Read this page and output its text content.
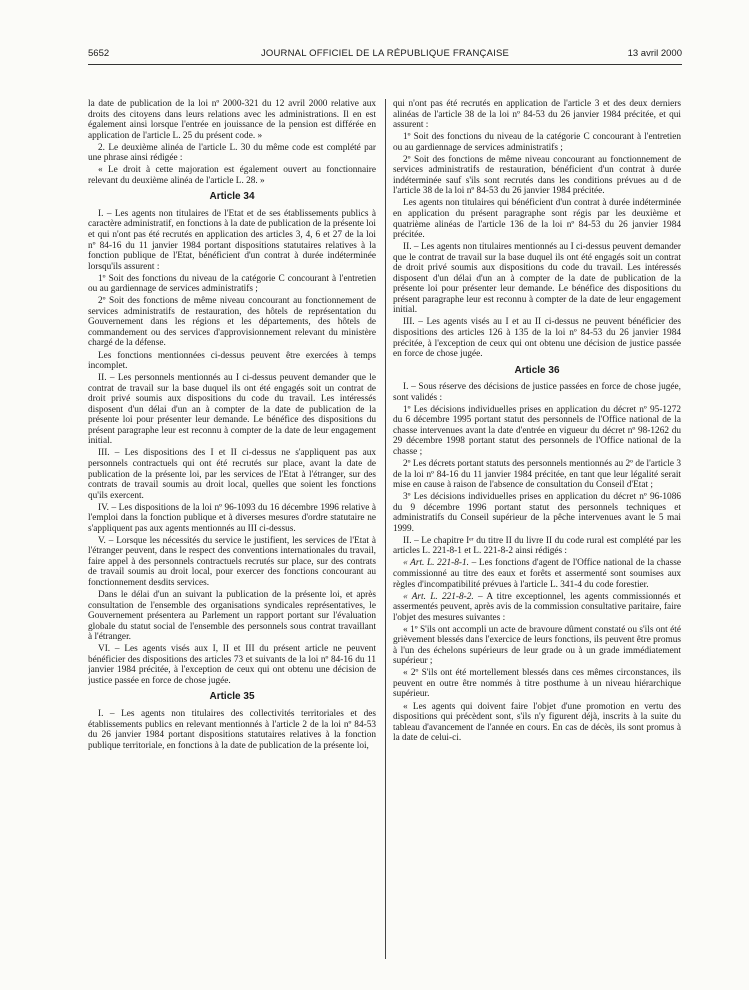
5652	JOURNAL OFFICIEL DE LA RÉPUBLIQUE FRANÇAISE	13 avril 2000

la date de publication de la loi nº 2000-321 du 12 avril 2000 relative aux droits des citoyens dans leurs relations avec les administrations. Il en est également ainsi lorsque l'entrée en jouissance de la pension est différée en application de l'article L. 25 du présent code. »

2. Le deuxième alinéa de l'article L. 30 du même code est complété par une phrase ainsi rédigée :

« Le droit à cette majoration est également ouvert au fonctionnaire relevant du deuxième alinéa de l'article L. 28. »

Article 34

I. – Les agents non titulaires de l'Etat et de ses établissements publics à caractère administratif, en fonctions à la date de publication de la présente loi et qui n'ont pas été recrutés en application des articles 3, 4, 6 et 27 de la loi nº 84-16 du 11 janvier 1984 portant dispositions statutaires relatives à la fonction publique de l'Etat, bénéficient d'un contrat à durée indéterminée lorsqu'ils assurent :

1º Soit des fonctions du niveau de la catégorie C concourant à l'entretien ou au gardiennage de services administratifs ;

2º Soit des fonctions de même niveau concourant au fonctionnement de services administratifs de restauration, des hôtels de représentation du Gouvernement dans les régions et les départements, des hôtels de commandement ou des services d'approvisionnement relevant du ministère chargé de la défense.

Les fonctions mentionnées ci-dessus peuvent être exercées à temps incomplet.

II. – Les personnels mentionnés au I ci-dessus peuvent demander que le contrat de travail sur la base duquel ils ont été engagés soit un contrat de droit privé soumis aux dispositions du code du travail. Les intéressés disposent d'un délai d'un an à compter de la date de publication de la présente loi pour présenter leur demande. Le bénéfice des dispositions du présent paragraphe leur est reconnu à compter de la date de leur engagement initial.

III. – Les dispositions des I et II ci-dessus ne s'appliquent pas aux personnels contractuels qui ont été recrutés sur place, avant la date de publication de la présente loi, par les services de l'Etat à l'étranger, sur des contrats de travail soumis au droit local, quelles que soient les fonctions qu'ils exercent.

IV. – Les dispositions de la loi nº 96-1093 du 16 décembre 1996 relative à l'emploi dans la fonction publique et à diverses mesures d'ordre statutaire ne s'appliquent pas aux agents mentionnés au III ci-dessus.

V. – Lorsque les nécessités du service le justifient, les services de l'Etat à l'étranger peuvent, dans le respect des conventions internationales du travail, faire appel à des personnels contractuels recrutés sur place, sur des contrats de travail soumis au droit local, pour exercer des fonctions concourant au fonctionnement desdits services.

Dans le délai d'un an suivant la publication de la présente loi, et après consultation de l'ensemble des organisations syndicales représentatives, le Gouvernement présentera au Parlement un rapport portant sur l'évaluation globale du statut social de l'ensemble des personnels sous contrat travaillant à l'étranger.

VI. – Les agents visés aux I, II et III du présent article ne peuvent bénéficier des dispositions des articles 73 et suivants de la loi nº 84-16 du 11 janvier 1984 précitée, à l'exception de ceux qui ont obtenu une décision de justice passée en force de chose jugée.

Article 35

I. – Les agents non titulaires des collectivités territoriales et des établissements publics en relevant mentionnés à l'article 2 de la loi nº 84-53 du 26 janvier 1984 portant dispositions statutaires relatives à la fonction publique territoriale, en fonctions à la date de publication de la présente loi,

qui n'ont pas été recrutés en application de l'article 3 et des deux derniers alinéas de l'article 38 de la loi nº 84-53 du 26 janvier 1984 précitée, et qui assurent :

1º Soit des fonctions du niveau de la catégorie C concourant à l'entretien ou au gardiennage de services administratifs ;

2º Soit des fonctions de même niveau concourant au fonctionnement de services administratifs de restauration, bénéficient d'un contrat à durée indéterminée sauf s'ils sont recrutés dans les conditions prévues au d de l'article 38 de la loi nº 84-53 du 26 janvier 1984 précitée.

Les agents non titulaires qui bénéficient d'un contrat à durée indéterminée en application du présent paragraphe sont régis par les deuxième et quatrième alinéas de l'article 136 de la loi nº 84-53 du 26 janvier 1984 précitée.

II. – Les agents non titulaires mentionnés au I ci-dessus peuvent demander que le contrat de travail sur la base duquel ils ont été engagés soit un contrat de droit privé soumis aux dispositions du code du travail. Les intéressés disposent d'un délai d'un an à compter de la date de publication de la présente loi pour présenter leur demande. Le bénéfice des dispositions du présent paragraphe leur est reconnu à compter de la date de leur engagement initial.

III. – Les agents visés au I et au II ci-dessus ne peuvent bénéficier des dispositions des articles 126 à 135 de la loi nº 84-53 du 26 janvier 1984 précitée, à l'exception de ceux qui ont obtenu une décision de justice passée en force de chose jugée.

Article 36

I. – Sous réserve des décisions de justice passées en force de chose jugée, sont validés :

1º Les décisions individuelles prises en application du décret nº 95-1272 du 6 décembre 1995 portant statut des personnels de l'Office national de la chasse intervenues avant la date d'entrée en vigueur du décret nº 98-1262 du 29 décembre 1998 portant statut des personnels de l'Office national de la chasse ;

2º Les décrets portant statuts des personnels mentionnés au 2º de l'article 3 de la loi nº 84-16 du 11 janvier 1984 précitée, en tant que leur légalité serait mise en cause à raison de l'absence de consultation du Conseil d'Etat ;

3º Les décisions individuelles prises en application du décret nº 96-1086 du 9 décembre 1996 portant statut des personnels techniques et administratifs du Conseil supérieur de la pêche intervenues avant le 5 mai 1999.

II. – Le chapitre Iᵉʳ du titre II du livre II du code rural est complété par les articles L. 221-8-1 et L. 221-8-2 ainsi rédigés :

« Art. L. 221-8-1. – Les fonctions d'agent de l'Office national de la chasse commissionné au titre des eaux et forêts et assermenté sont soumises aux règles d'incompatibilité prévues à l'article L. 341-4 du code forestier.

« Art. L. 221-8-2. – A titre exceptionnel, les agents commissionnés et assermentés peuvent, après avis de la commission consultative paritaire, faire l'objet des mesures suivantes :

« 1º S'ils ont accompli un acte de bravoure dûment constaté ou s'ils ont été grièvement blessés dans l'exercice de leurs fonctions, ils peuvent être promus à l'un des échelons supérieurs de leur grade ou à un grade immédiatement supérieur ;

« 2º S'ils ont été mortellement blessés dans ces mêmes circonstances, ils peuvent en outre être nommés à titre posthume à un niveau hiérarchique supérieur.

« Les agents qui doivent faire l'objet d'une promotion en vertu des dispositions qui précèdent sont, s'ils n'y figurent déjà, inscrits à la suite du tableau d'avancement de l'année en cours. En cas de décès, ils sont promus à la date de celui-ci.
